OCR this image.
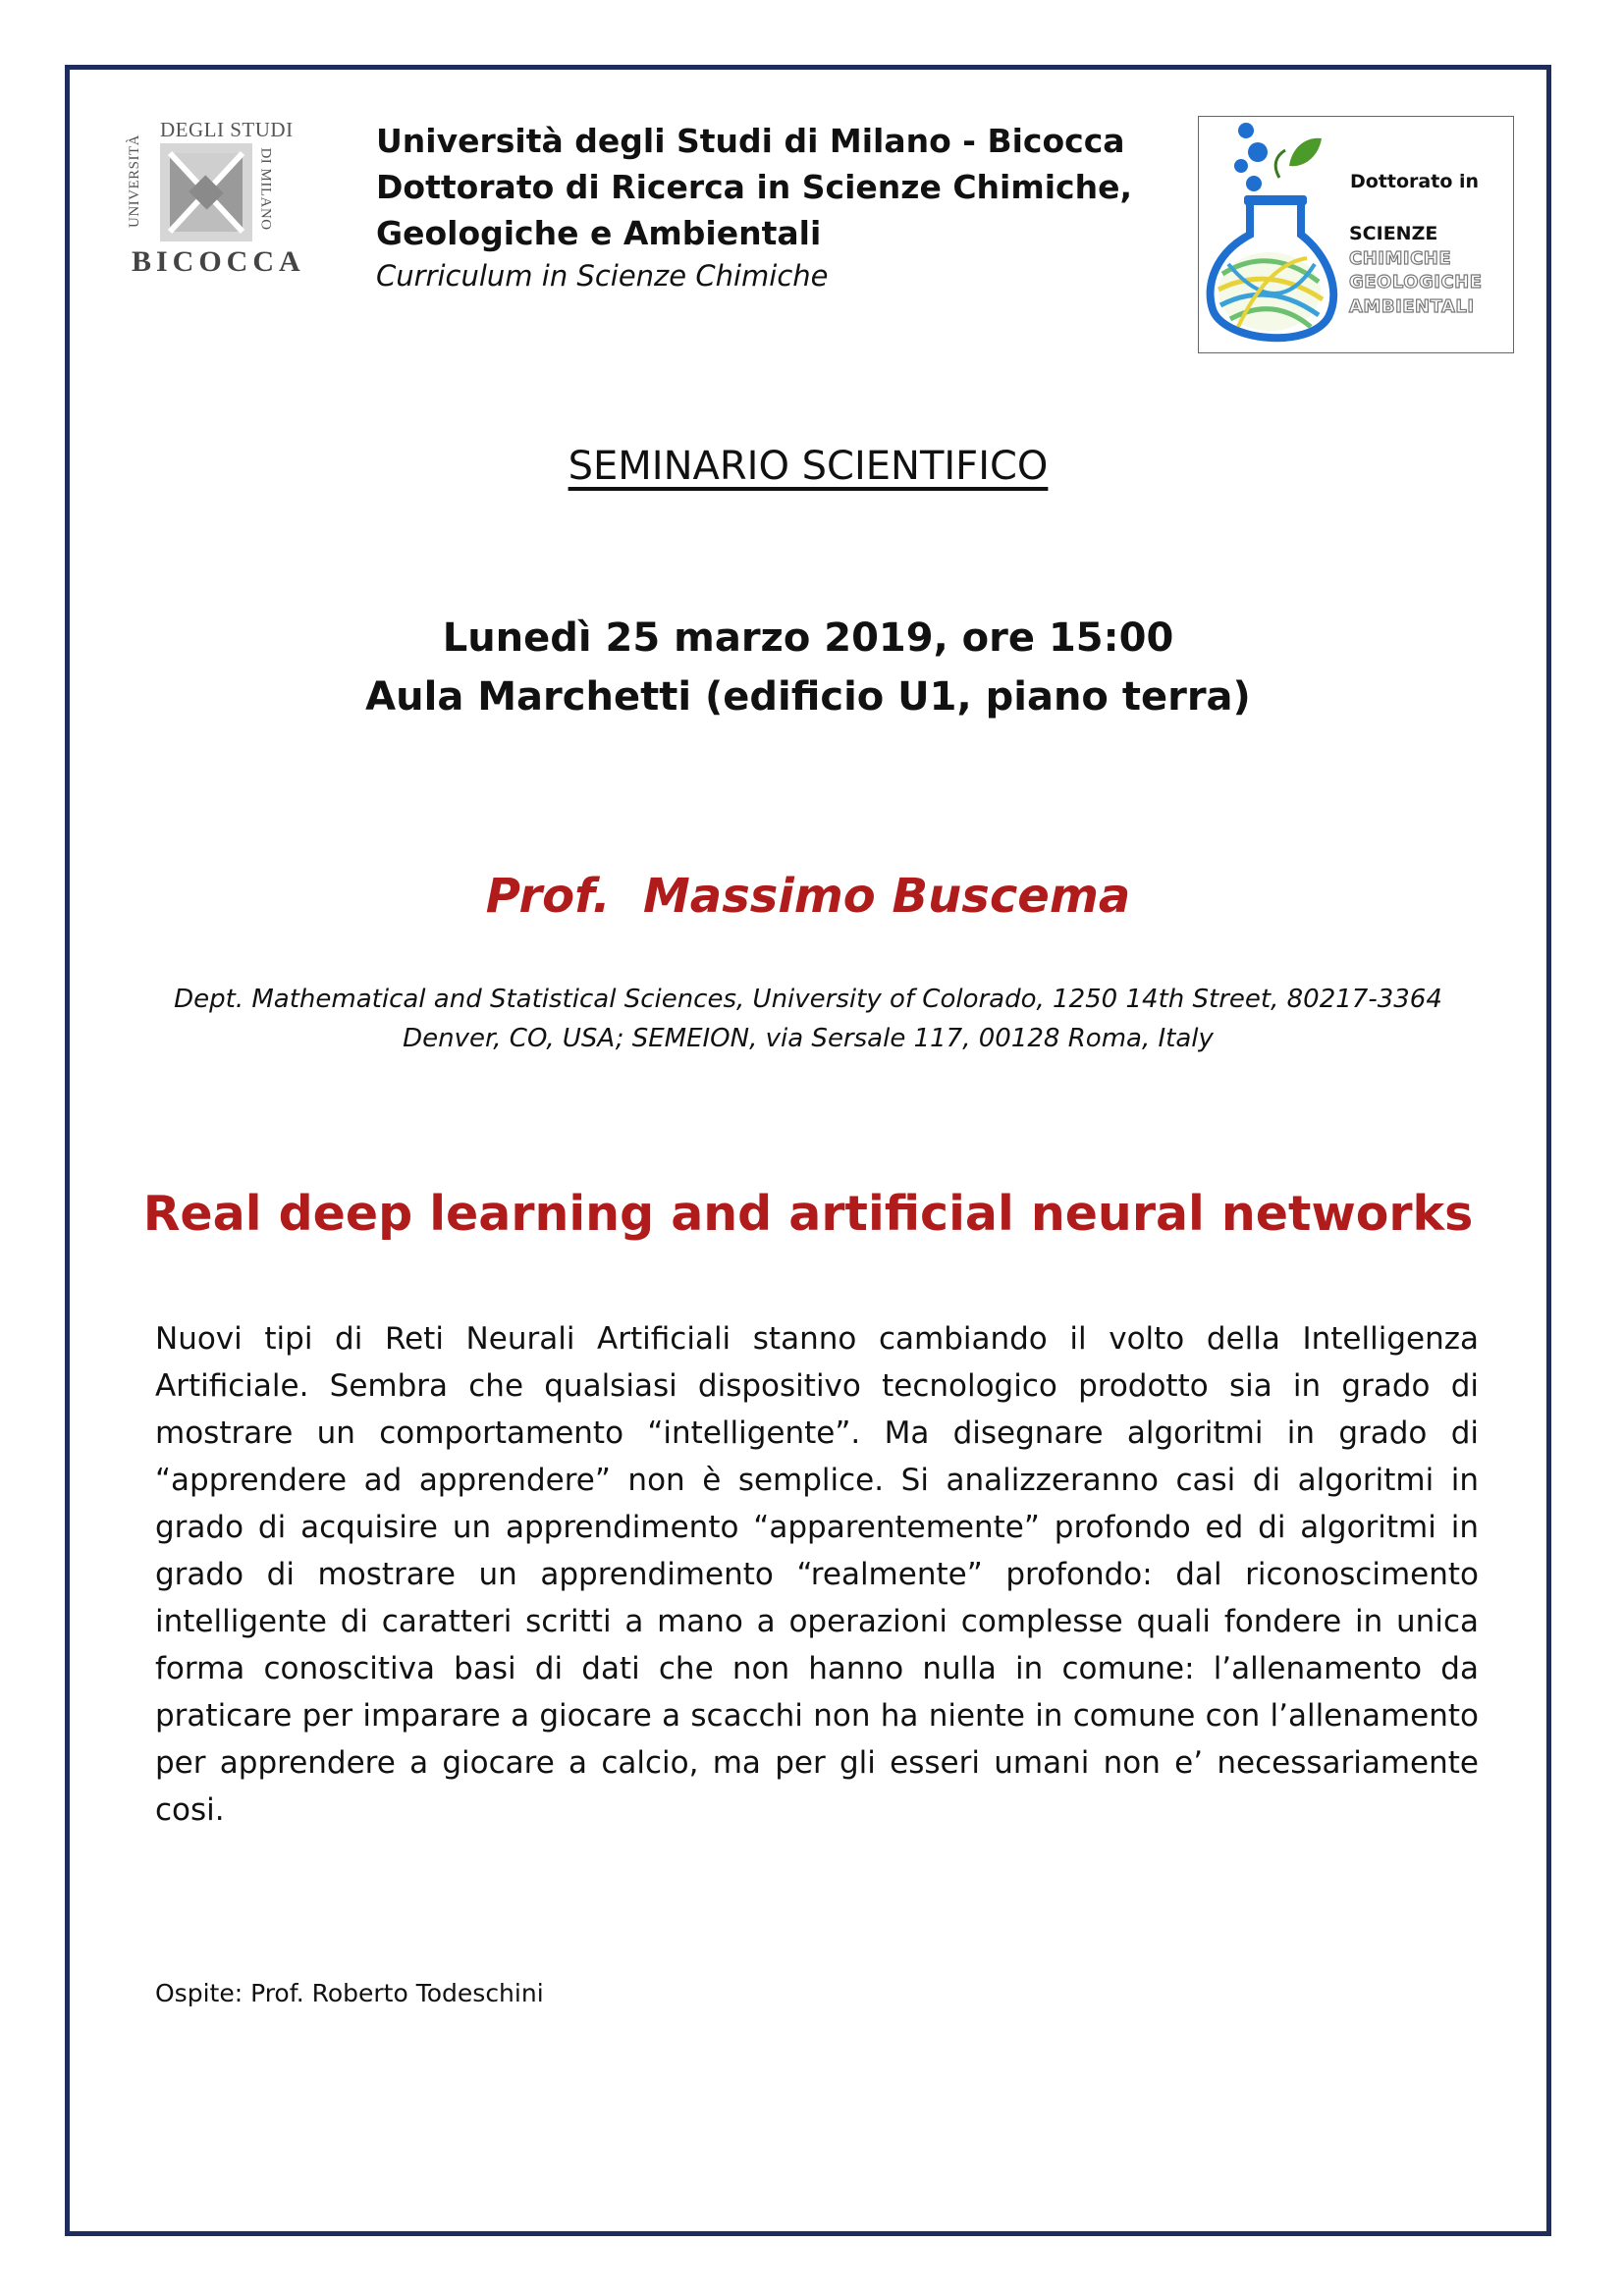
UNIVERSITÀ
DEGLI STUDI
DI MILANO
BICOCCA
Università degli Studi di Milano - Bicocca
Dottorato di Ricerca in Scienze Chimiche,
Geologiche e Ambientali
Curriculum in Scienze Chimiche
Dottorato in
SCIENZE
CHIMICHE
GEOLOGICHE
AMBIENTALI
SEMINARIO SCIENTIFICO
Lunedì 25 marzo 2019, ore 15:00
Aula Marchetti (edificio U1, piano terra)
Prof.  Massimo Buscema
Dept. Mathematical and Statistical Sciences, University of Colorado, 1250 14th Street, 80217-3364
Denver, CO, USA; SEMEION, via Sersale 117, 00128 Roma, Italy
Real deep learning and artificial neural networks
Nuovi tipi di Reti Neurali Artificiali stanno cambiando il volto della Intelligenza Artificiale. Sembra che qualsiasi dispositivo tecnologico prodotto sia in grado di mostrare un comportamento “intelligente”. Ma disegnare algoritmi in grado di “apprendere ad apprendere” non è semplice. Si analizzeranno casi di algoritmi in grado di acquisire un apprendimento “apparentemente” profondo ed di algoritmi in grado di mostrare un apprendimento “realmente” profondo: dal riconoscimento intelligente di caratteri scritti a mano a operazioni complesse quali fondere in unica forma conoscitiva basi di dati che non hanno nulla in comune: l’allenamento da praticare per imparare a giocare a scacchi non ha niente in comune con l’allenamento per apprendere a giocare a calcio, ma per gli esseri umani non e’ necessariamente cosi.
Ospite: Prof. Roberto Todeschini
